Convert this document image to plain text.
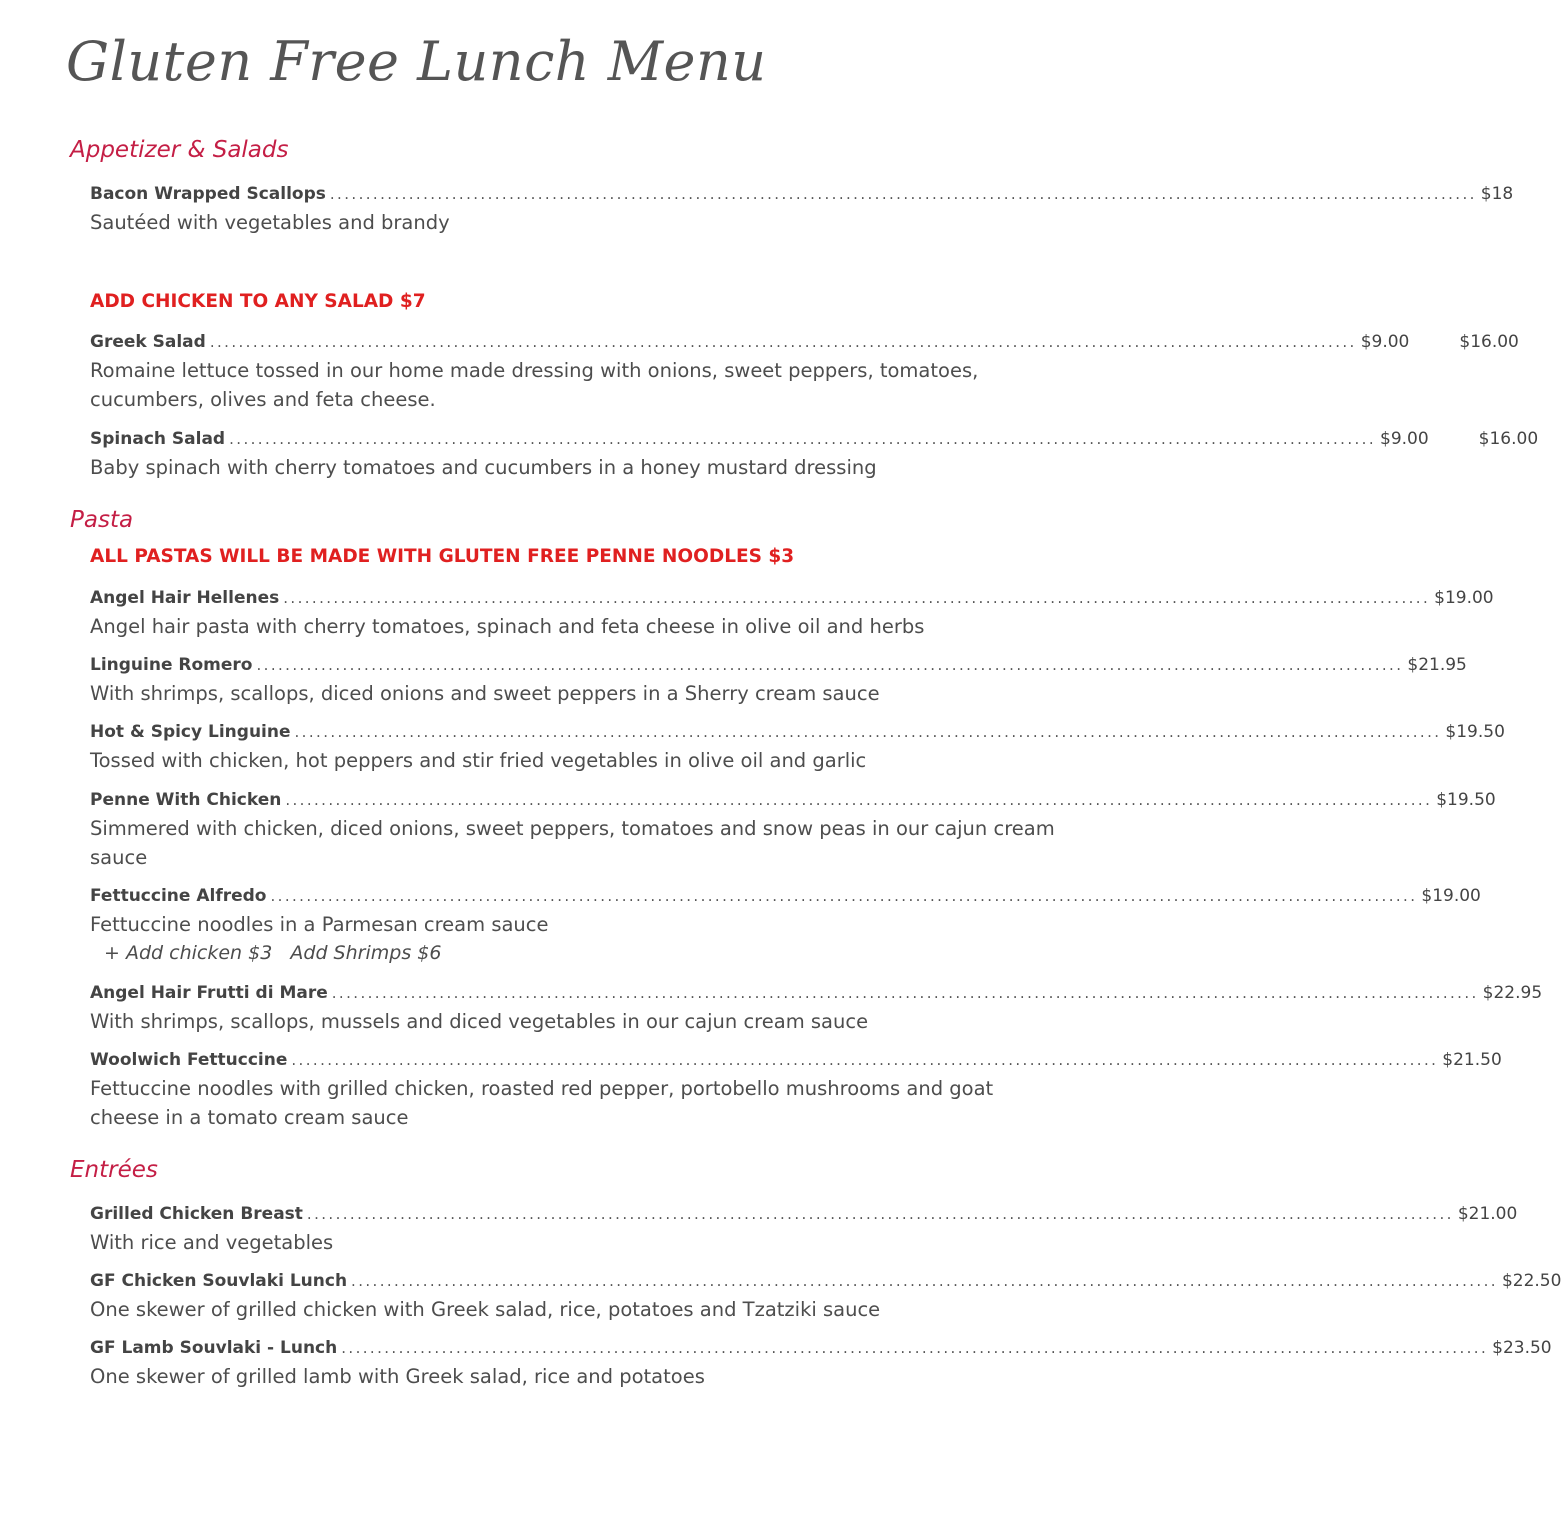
Gluten Free Lunch Menu
Appetizer & Salads
Bacon Wrapped Scallops ................................................................................................................................................................ $18
Sautéed with vegetables and brandy
ADD CHICKEN TO ANY SALAD $7
Greek Salad ................................................................................................................................................................ $9.00	$16.00
Romaine lettuce tossed in our home made dressing with onions, sweet peppers, tomatoes, cucumbers, olives and feta cheese.
Spinach Salad ................................................................................................................................................................ $9.00	$16.00
Baby spinach with cherry tomatoes and cucumbers in a honey mustard dressing
Pasta
ALL PASTAS WILL BE MADE WITH GLUTEN FREE PENNE NOODLES $3
Angel Hair Hellenes ................................................................................................................................................................ $19.00
Angel hair pasta with cherry tomatoes, spinach and feta cheese in olive oil and herbs
Linguine Romero ................................................................................................................................................................ $21.95
With shrimps, scallops, diced onions and sweet peppers in a Sherry cream sauce
Hot & Spicy Linguine ................................................................................................................................................................ $19.50
Tossed with chicken, hot peppers and stir fried vegetables in olive oil and garlic
Penne With Chicken ................................................................................................................................................................ $19.50
Simmered with chicken, diced onions, sweet peppers, tomatoes and snow peas in our cajun cream sauce
Fettuccine Alfredo ................................................................................................................................................................ $19.00
Fettuccine noodles in a Parmesan cream sauce
+ Add chicken $3   Add Shrimps $6
Angel Hair Frutti di Mare ................................................................................................................................................................ $22.95
With shrimps, scallops, mussels and diced vegetables in our cajun cream sauce
Woolwich Fettuccine ................................................................................................................................................................ $21.50
Fettuccine noodles with grilled chicken, roasted red pepper, portobello mushrooms and goat cheese in a tomato cream sauce
Entrées
Grilled Chicken Breast ................................................................................................................................................................ $21.00
With rice and vegetables
GF Chicken Souvlaki Lunch ................................................................................................................................................................ $22.50
One skewer of grilled chicken with Greek salad, rice, potatoes and Tzatziki sauce
GF Lamb Souvlaki - Lunch ................................................................................................................................................................ $23.50
One skewer of grilled lamb with Greek salad, rice and potatoes
